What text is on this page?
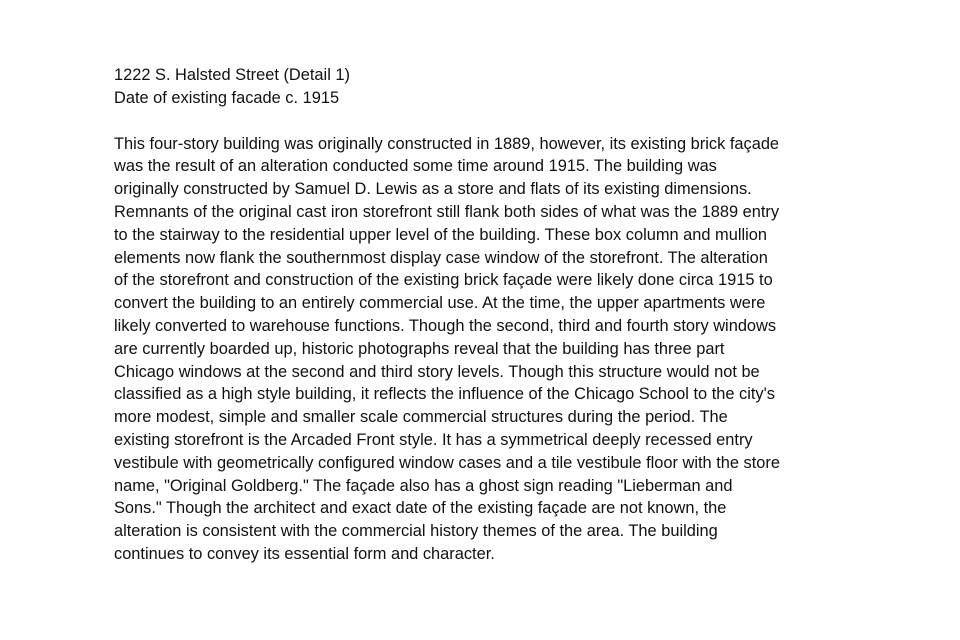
1222 S. Halsted Street (Detail 1)
Date of existing facade c. 1915

This four-story building was originally constructed in 1889, however, its existing brick façade
was the result of an alteration conducted some time around 1915. The building was
originally constructed by Samuel D. Lewis as a store and flats of its existing dimensions.
Remnants of the original cast iron storefront still flank both sides of what was the 1889 entry
to the stairway to the residential upper level of the building. These box column and mullion
elements now flank the southernmost display case window of the storefront. The alteration
of the storefront and construction of the existing brick façade were likely done circa 1915 to
convert the building to an entirely commercial use. At the time, the upper apartments were
likely converted to warehouse functions. Though the second, third and fourth story windows
are currently boarded up, historic photographs reveal that the building has three part
Chicago windows at the second and third story levels. Though this structure would not be
classified as a high style building, it reflects the influence of the Chicago School to the city's
more modest, simple and smaller scale commercial structures during the period. The
existing storefront is the Arcaded Front style. It has a symmetrical deeply recessed entry
vestibule with geometrically configured window cases and a tile vestibule floor with the store
name, "Original Goldberg." The façade also has a ghost sign reading "Lieberman and
Sons." Though the architect and exact date of the existing façade are not known, the
alteration is consistent with the commercial history themes of the area. The building
continues to convey its essential form and character.
